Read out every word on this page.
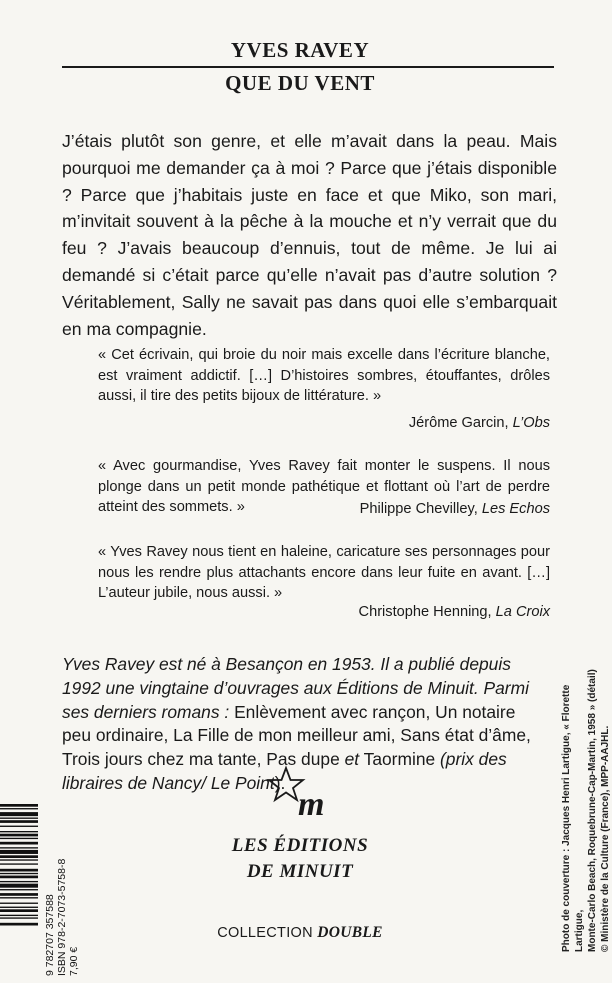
YVES RAVEY
QUE DU VENT
J’étais plutôt son genre, et elle m’avait dans la peau. Mais pourquoi me demander ça à moi ? Parce que j’étais disponible ? Parce que j’habitais juste en face et que Miko, son mari, m’invitait souvent à la pêche à la mouche et n’y verrait que du feu ? J’avais beaucoup d’ennuis, tout de même. Je lui ai demandé si c’était parce qu’elle n’avait pas d’autre solution ? Véritablement, Sally ne savait pas dans quoi elle s’embarquait en ma compagnie.

« Cet écrivain, qui broie du noir mais excelle dans l’écriture blanche, est vraiment addictif. […] D’histoires sombres, étouffantes, drôles aussi, il tire des petits bijoux de littérature. »

Jérôme Garcin, L’Obs

« Avec gourmandise, Yves Ravey fait monter le suspens. Il nous plonge dans un petit monde pathétique et flottant où l’art de perdre atteint des sommets. »	Philippe Chevilley, Les Echos

« Yves Ravey nous tient en haleine, caricature ses personnages pour nous les rendre plus attachants encore dans leur fuite en avant. […] L’auteur jubile, nous aussi. »

Christophe Henning, La Croix

Yves Ravey est né à Besançon en 1953. Il a publié depuis 1992 une vingtaine d’ouvrages aux Éditions de Minuit. Parmi ses derniers romans : Enlèvement avec rançon, Un notaire peu ordinaire, La Fille de mon meilleur ami, Sans état d’âme, Trois jours chez ma tante, Pas dupe et Taormine (prix des libraires de Nancy/ Le Point).	Photo de couverture : Jacques Henri Lartigue, « Florette Lartigue, Monte-Carlo Beach, Roquebrune-Cap-Martin, 1958 » (détail) © Ministère de la Culture (France), MPP-AAJHL.
9 782707 357588 ISBN 978-2-7073-5758-8 7,90 €
m
LES ÉDITIONS
DE MINUIT
COLLECTION DOUBLE
